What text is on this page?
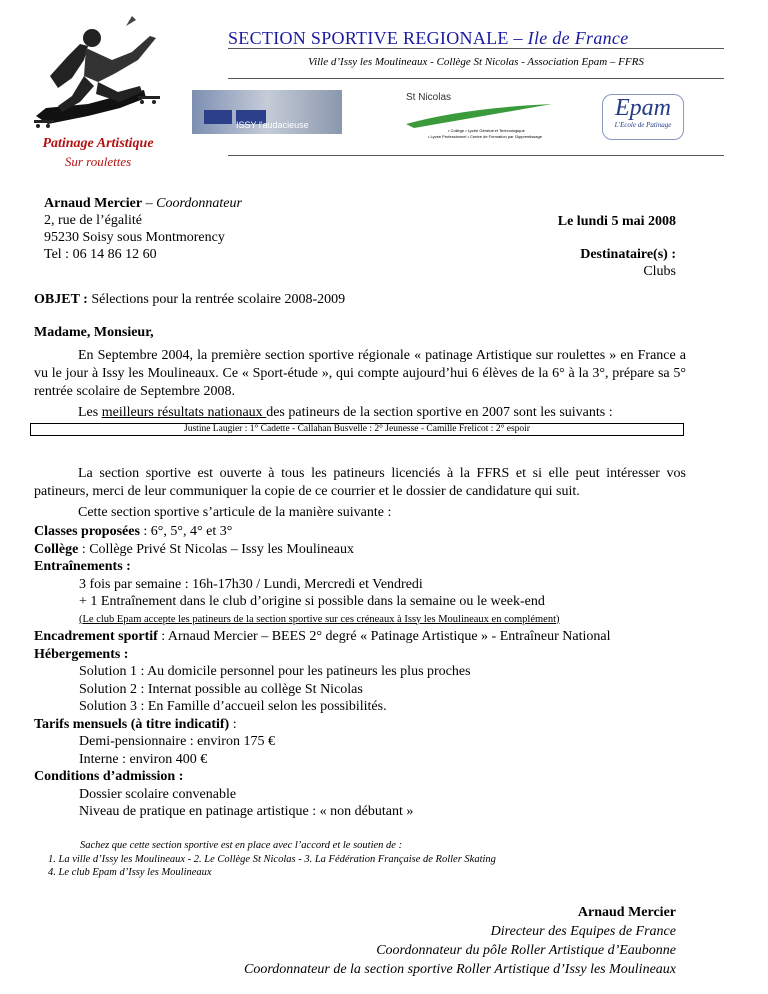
Patinage Artistique
Sur roulettes
SECTION SPORTIVE REGIONALE – Ile de France
Ville d’Issy les Moulineaux - Collège St Nicolas - Association Epam – FFRS
ISSY l'audacieuse
St Nicolas
• Collège • Lycée Général et Technologique
• Lycée Professionnel • Centre de Formation par l'Apprentissage
Epam
L'Ecole de Patinage
Arnaud Mercier – Coordonnateur
2, rue de l’égalité
95230 Soisy sous Montmorency
Tel : 06 14 86 12 60
Le lundi 5 mai 2008
Destinataire(s) :
Clubs
OBJET : Sélections pour la rentrée scolaire 2008-2009
Madame, Monsieur,
En Septembre 2004, la première section sportive régionale « patinage Artistique sur roulettes » en France a vu le jour à Issy les Moulineaux. Ce « Sport-étude », qui compte aujourd’hui 6 élèves de la 6° à la 3°, prépare sa 5° rentrée scolaire de Septembre 2008.
Les meilleurs résultats nationaux des patineurs de la section sportive en 2007 sont les suivants :
Justine Laugier : 1° Cadette - Callahan Busvelle : 2° Jeunesse - Camille Frelicot : 2° espoir
La section sportive est ouverte à tous les patineurs licenciés à la FFRS et si elle peut intéresser vos patineurs, merci de leur communiquer la copie de ce courrier et le dossier de candidature qui suit.
Cette section sportive s’articule de la manière suivante :
Classes proposées : 6°, 5°, 4° et 3°
Collège : Collège Privé St Nicolas – Issy les Moulineaux
Entraînements :
3 fois par semaine : 16h-17h30 / Lundi, Mercredi et Vendredi
+ 1 Entraînement dans le club d’origine si possible dans la semaine ou le week-end
(Le club Epam accepte les patineurs de la section sportive sur ces créneaux à Issy les Moulineaux en complément)
Encadrement sportif : Arnaud Mercier – BEES 2° degré « Patinage Artistique » - Entraîneur National
Hébergements :
Solution 1 : Au domicile personnel pour les patineurs les plus proches
Solution 2 : Internat possible au collège St Nicolas
Solution 3 : En Famille d’accueil selon les possibilités.
Tarifs mensuels (à titre indicatif) :
Demi-pensionnaire : environ 175 €
Interne : environ 400 €
Conditions d’admission :
Dossier scolaire convenable
Niveau de pratique en patinage artistique : « non débutant »
Sachez que cette section sportive est en place avec l’accord et le soutien de :
1. La ville d’Issy les Moulineaux - 2. Le Collège St Nicolas - 3. La Fédération Française de Roller Skating
4. Le club Epam d’Issy les Moulineaux
Arnaud Mercier
Directeur des Equipes de France
Coordonnateur du pôle Roller Artistique d’Eaubonne
Coordonnateur de la section sportive Roller Artistique d’Issy les Moulineaux
